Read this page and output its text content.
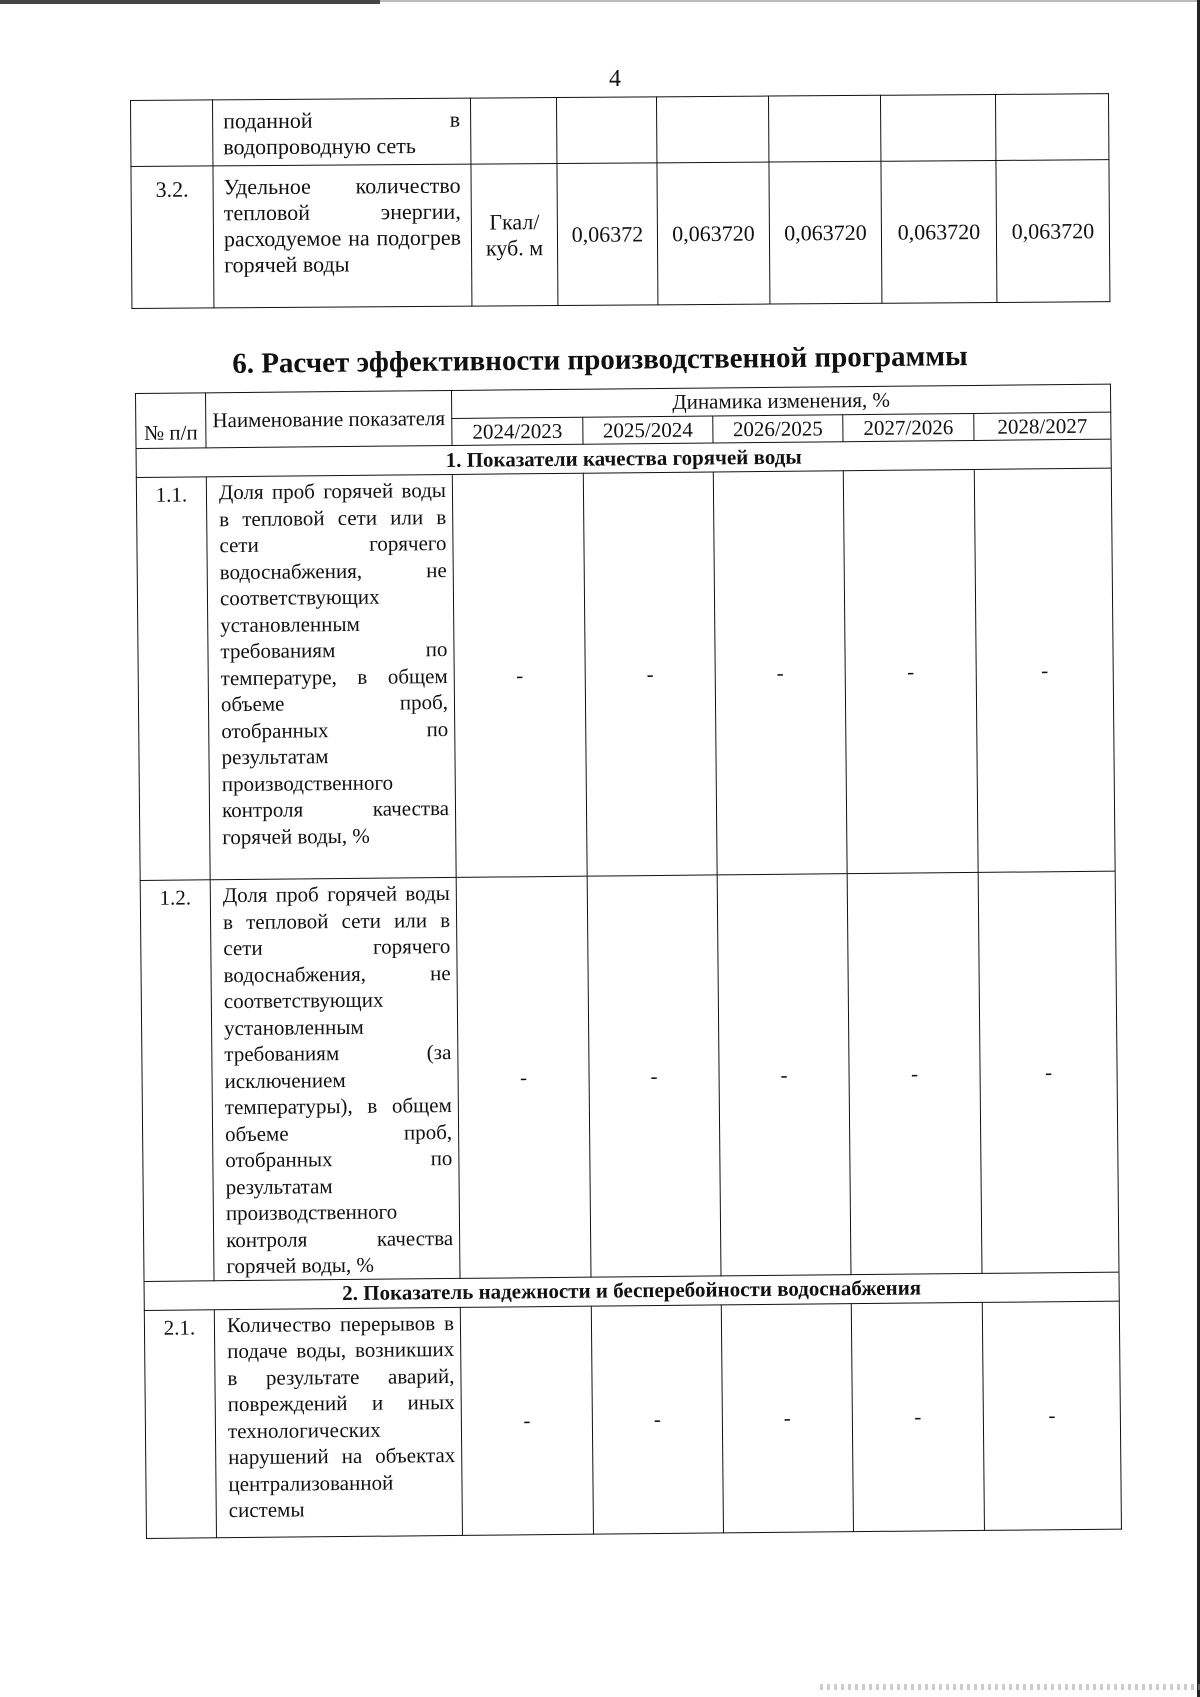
4
	поданной в водопроводную сеть						
3.2.	Удельное количество тепловой энергии, расходуемое на подогрев горячей воды	Гкал/ куб. м	0,06372	0,063720	0,063720	0,063720	0,063720
6. Расчет эффективности производственной программы
№ п/п	Наименование показателя	Динамика изменения, %				
		2024/2023	2025/2024	2026/2025	2027/2026	2028/2027
1. Показатели качества горячей воды						
1.1.	Доля проб горячей воды в тепловой сети или в сети горячего водоснабжения, не соответствующих установленным требованиям по температуре, в общем объеме проб, отобранных по результатам производственного контроля качества горячей воды, %	-	-	-	-	-
1.2.	Доля проб горячей воды в тепловой сети или в сети горячего водоснабжения, не соответствующих установленным требованиям (за исключением температуры), в общем объеме проб, отобранных по результатам производственного контроля качества горячей воды, %	-	-	-	-	-
2. Показатель надежности и бесперебойности водоснабжения						
2.1.	Количество перерывов в подаче воды, возникших в результате аварий, повреждений и иных технологических нарушений на объектах централизованной системы	-	-	-	-	-
